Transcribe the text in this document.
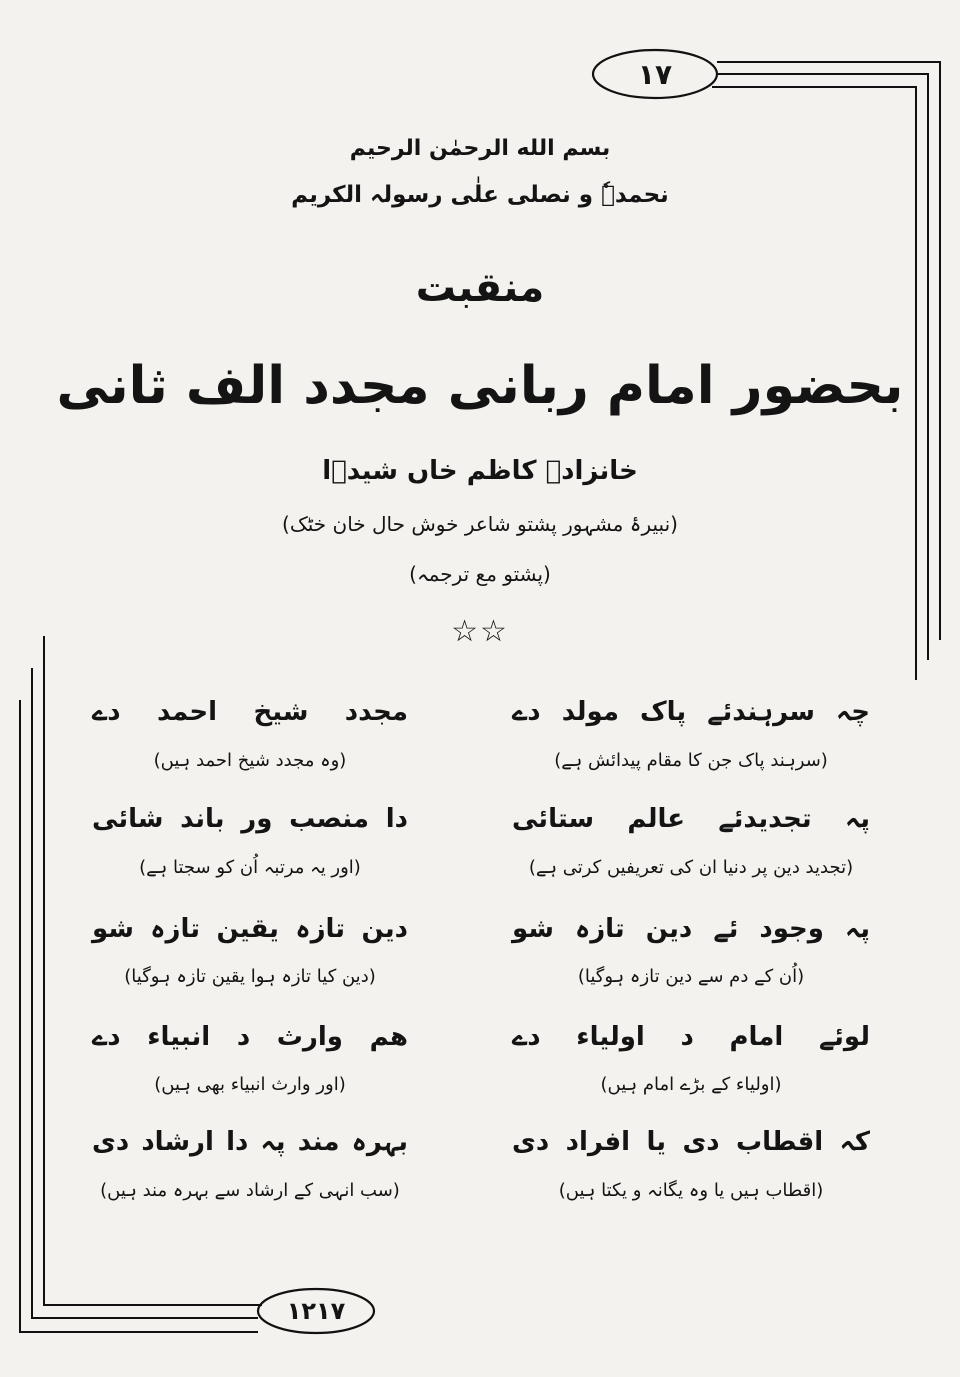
١٧
١٢١٧
بسم الله الرحمٰن الرحیم
نحمدہٗ و نصلی علٰی رسولہ الکریم
منقبت
بحضور امام ربانی مجدد الف ثانی
خانزادہ کاظم خاں شیدؔا
(نبیرۂ مشہور پشتو شاعر خوش حال خان خٹک)
(پشتو مع ترجمہ)
☆☆
چہ
سرہندئے
پاک
مولد
دے
مجدد
شیخ
احمد
دے
(سرہند پاک جن کا مقام پیدائش ہے)
(وہ مجدد شیخ احمد ہیں)
پہ
تجدیدئے
عالم
ستائی
دا
منصب
ور
باند
شائی
(تجدید دین پر دنیا ان کی تعریفیں کرتی ہے)
(اور یہ مرتبہ اُن کو سجتا ہے)
پہ
وجود
ئے
دین
تازہ
شو
دین
تازہ
یقین
تازہ
شو
(اُن کے دم سے دین تازہ ہوگیا)
(دین کیا تازہ ہوا یقین تازہ ہوگیا)
لوئے
امام
د
اولیاء
دے
ھم
وارث
د
انبیاء
دے
(اولیاء کے بڑے امام ہیں)
(اور وارث انبیاء بھی ہیں)
کہ
اقطاب
دی
یا
افراد
دی
بہرہ
مند
پہ
دا
ارشاد
دی
(اقطاب ہیں یا وہ یگانہ و یکتا ہیں)
(سب انہی کے ارشاد سے بہرہ مند ہیں)
